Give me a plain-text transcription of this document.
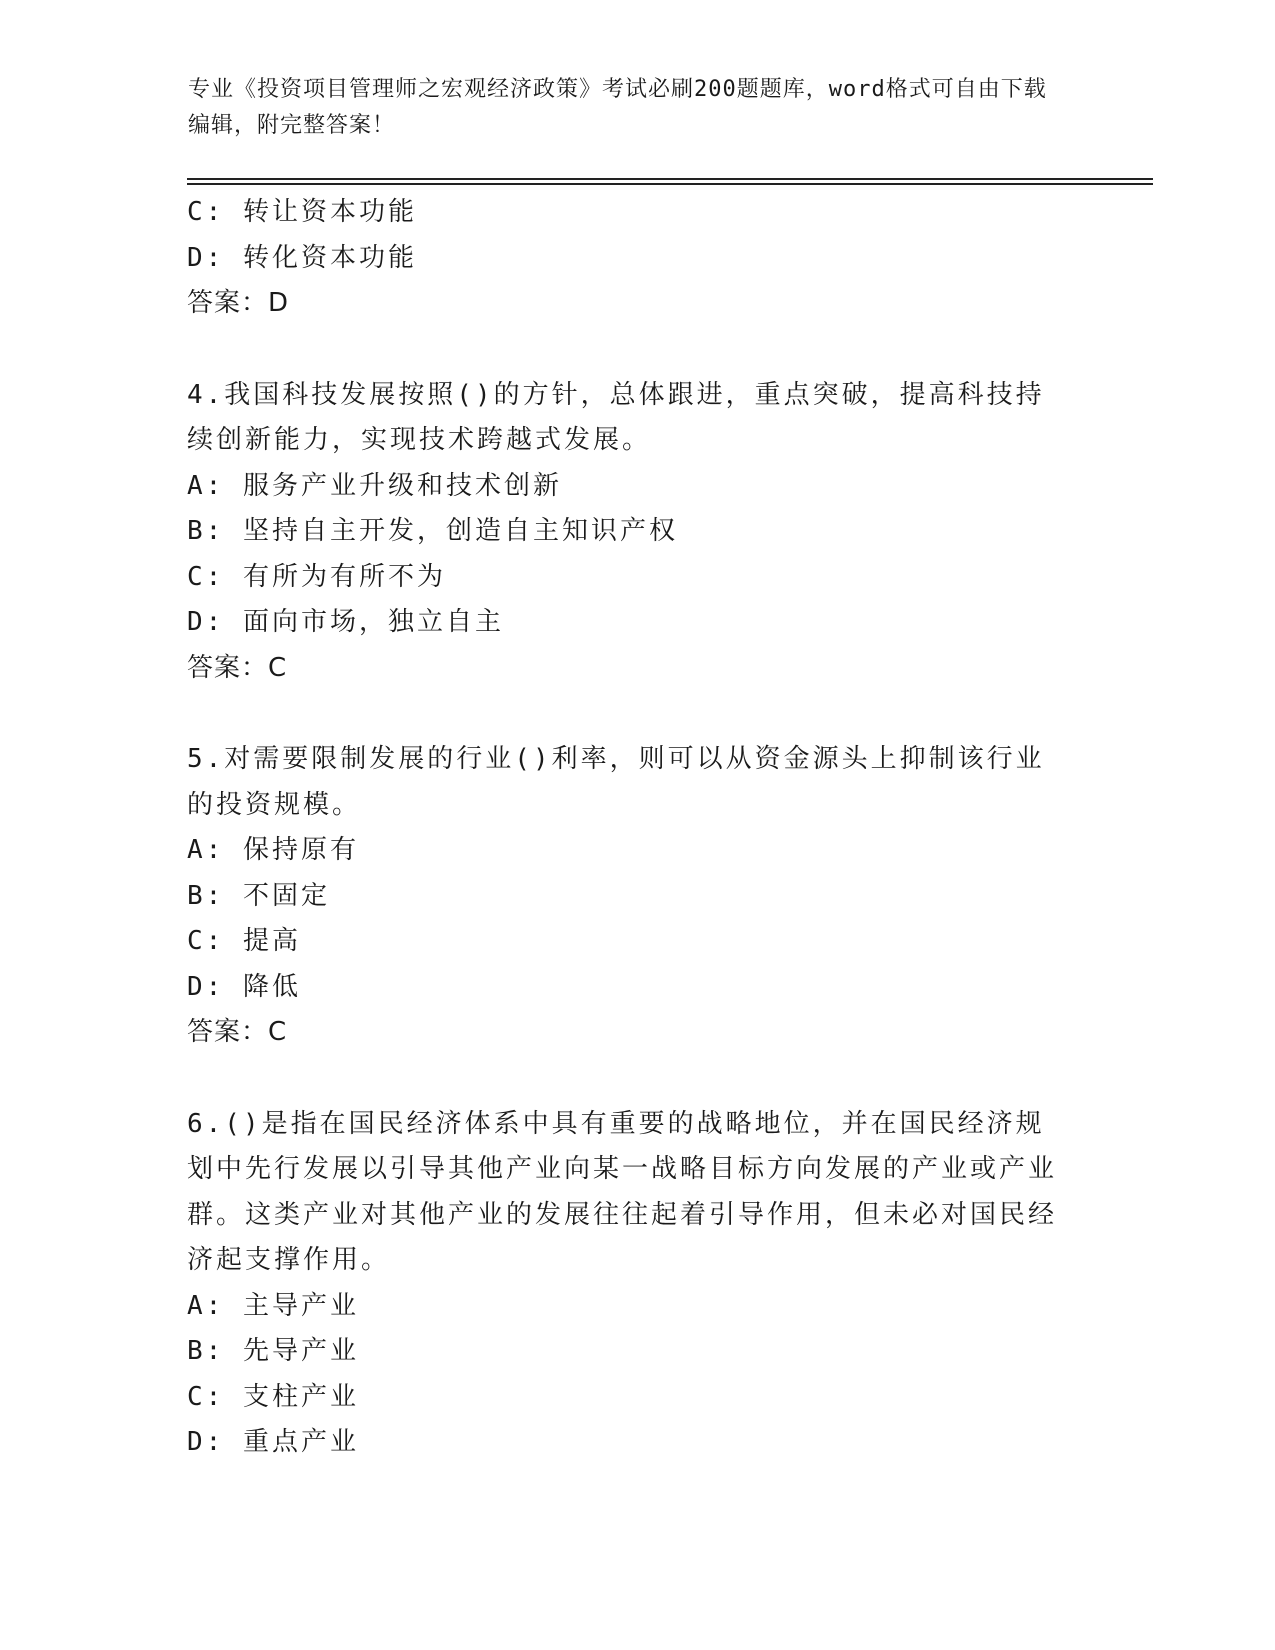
专业《投资项目管理师之宏观经济政策》考试必刷200题题库，word格式可自由下载编辑，附完整答案！
C: 转让资本功能
D: 转化资本功能
答案：D
4.我国科技发展按照()的方针，总体跟进，重点突破，提高科技持续创新能力，实现技术跨越式发展。
A: 服务产业升级和技术创新
B: 坚持自主开发，创造自主知识产权
C: 有所为有所不为
D: 面向市场，独立自主
答案：C
5.对需要限制发展的行业()利率，则可以从资金源头上抑制该行业的投资规模。
A: 保持原有
B: 不固定
C: 提高
D: 降低
答案：C
6.()是指在国民经济体系中具有重要的战略地位，并在国民经济规划中先行发展以引导其他产业向某一战略目标方向发展的产业或产业群。这类产业对其他产业的发展往往起着引导作用，但未必对国民经济起支撑作用。
A: 主导产业
B: 先导产业
C: 支柱产业
D: 重点产业
